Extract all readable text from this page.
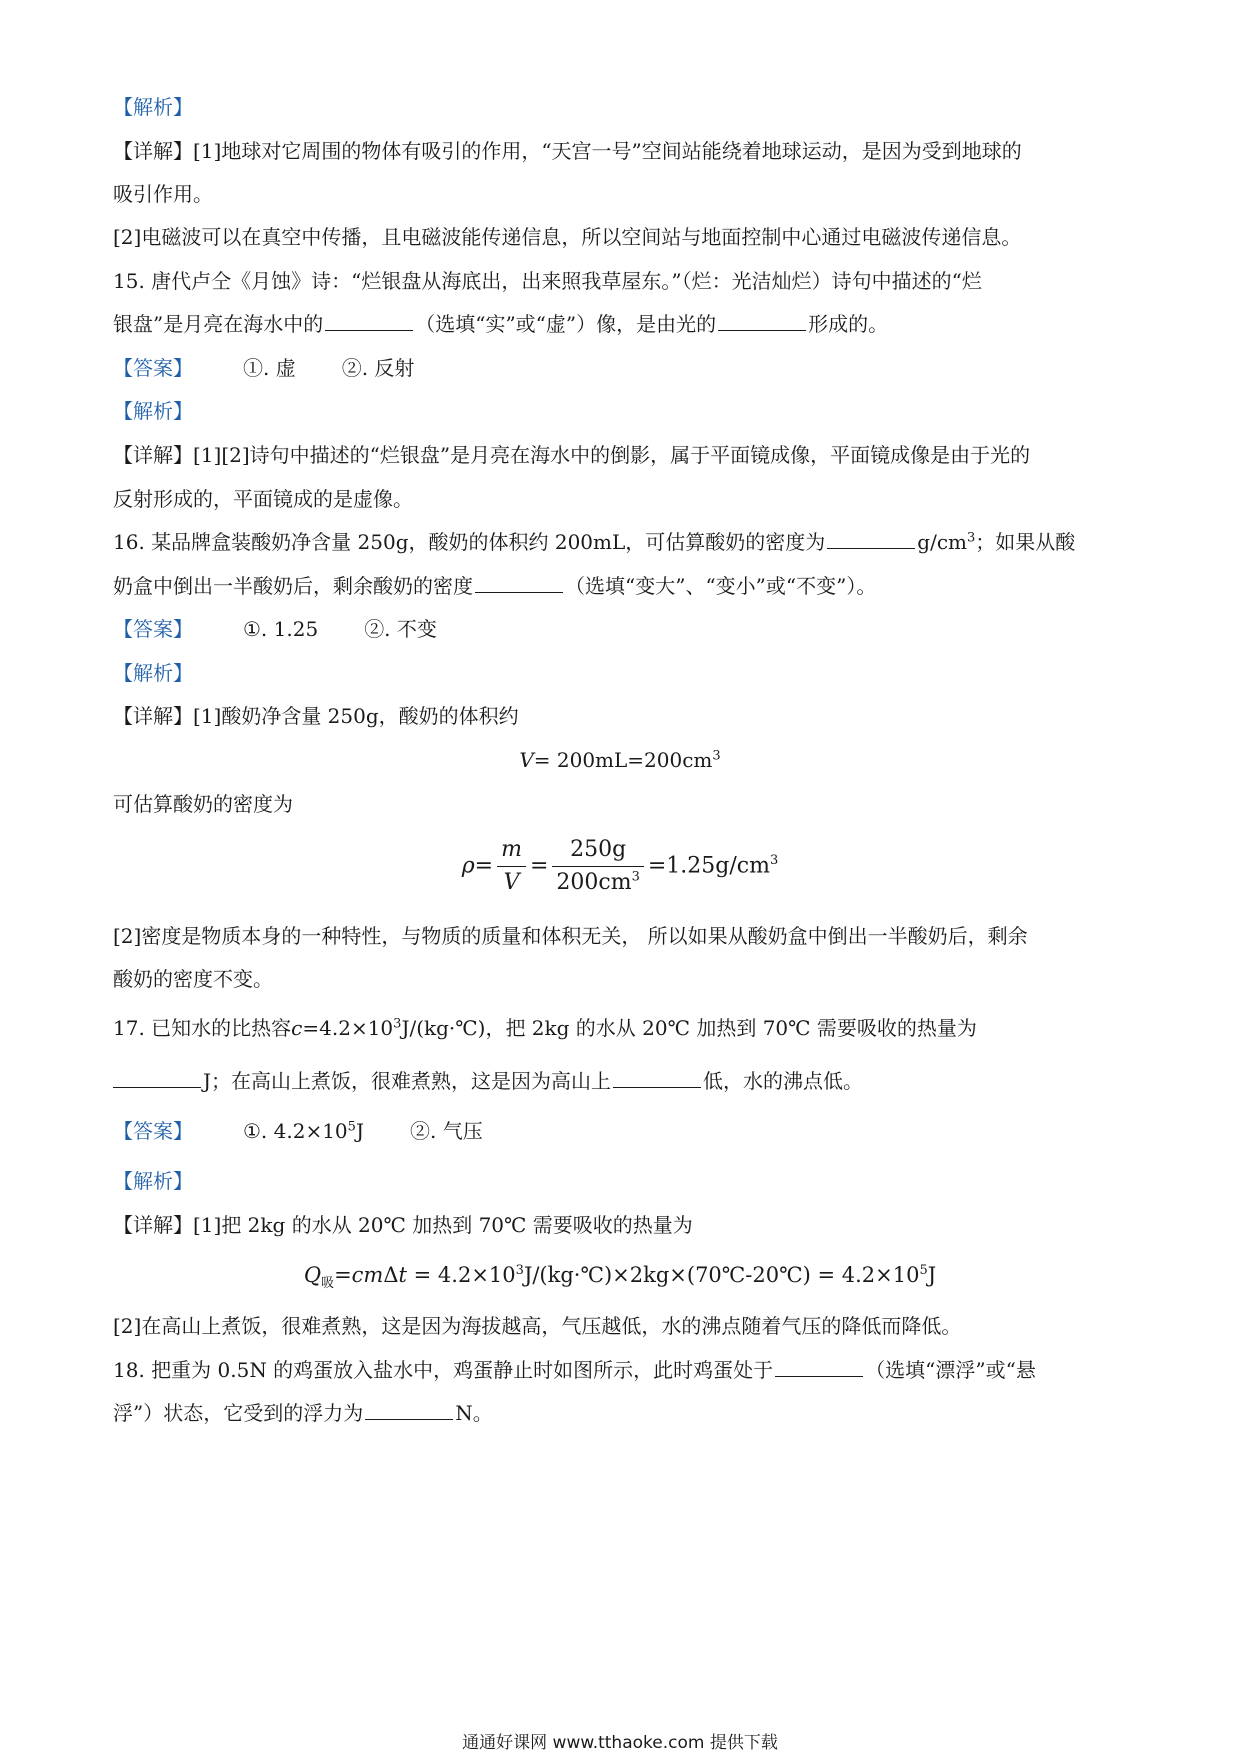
【解析】
【详解】[1]地球对它周围的物体有吸引的作用，“天宫一号”空间站能绕着地球运动，是因为受到地球的
吸引作用。
[2]电磁波可以在真空中传播，且电磁波能传递信息，所以空间站与地面控制中心通过电磁波传递信息。
15. 唐代卢仝《月蚀》诗：“烂银盘从海底出，出来照我草屋东。”（烂：光洁灿烂）诗句中描述的“烂
银盘”是月亮在海水中的	（选填“实”或“虚”）像，是由光的	形成的。
【答案】	①. 虚 ②. 反射
【解析】
【详解】[1][2]诗句中描述的“烂银盘”是月亮在海水中的倒影，属于平面镜成像，平面镜成像是由于光的
反射形成的，平面镜成的是虚像。
16. 某品牌盒装酸奶净含量 250g，酸奶的体积约 200mL，可估算酸奶的密度为	$g/cm^3$；如果从酸
奶盒中倒出一半酸奶后，剩余酸奶的密度	（选填“变大”、“变小”或“不变”）。
【答案】	①. 1.25 ②. 不变
【解析】
【详解】[1]酸奶净含量 250g，酸奶的体积约
$V= 200mL=200cm^3$
可估算酸奶的密度为
$\rho= \frac{m}{V} = \frac{250g}{200cm^3} =1.25g/cm^3$
[2]密度是物质本身的一种特性，与物质的质量和体积无关， 所以如果从酸奶盒中倒出一半酸奶后，剩余
酸奶的密度不变。
17. 已知水的比热容$c=4.2\times 10^3J/(kg\cdot℃)$，把 2kg 的水从 20℃ 加热到 70℃ 需要吸收的热量为
J；在高山上煮饭，很难煮熟，这是因为高山上	低，水的沸点低。
【答案】	①. $4.2\times 10^5J$ ②. 气压
【解析】
【详解】[1]把 2kg 的水从 20℃ 加热到 70℃ 需要吸收的热量为
$Q_吸=cm\Delta t$ = $4.2\times 10^3J/(kg\cdot℃)\times 2kg\times(70℃-20℃) = 4.2\times 10^5J$
[2]在高山上煮饭，很难煮熟，这是因为海拔越高，气压越低，水的沸点随着气压的降低而降低。
18. 把重为 0.5N 的鸡蛋放入盐水中，鸡蛋静止时如图所示，此时鸡蛋处于	（选填“漂浮”或“悬
浮”）状态，它受到的浮力为	N。
通通好课网 www.tthaoke.com 提供下载
